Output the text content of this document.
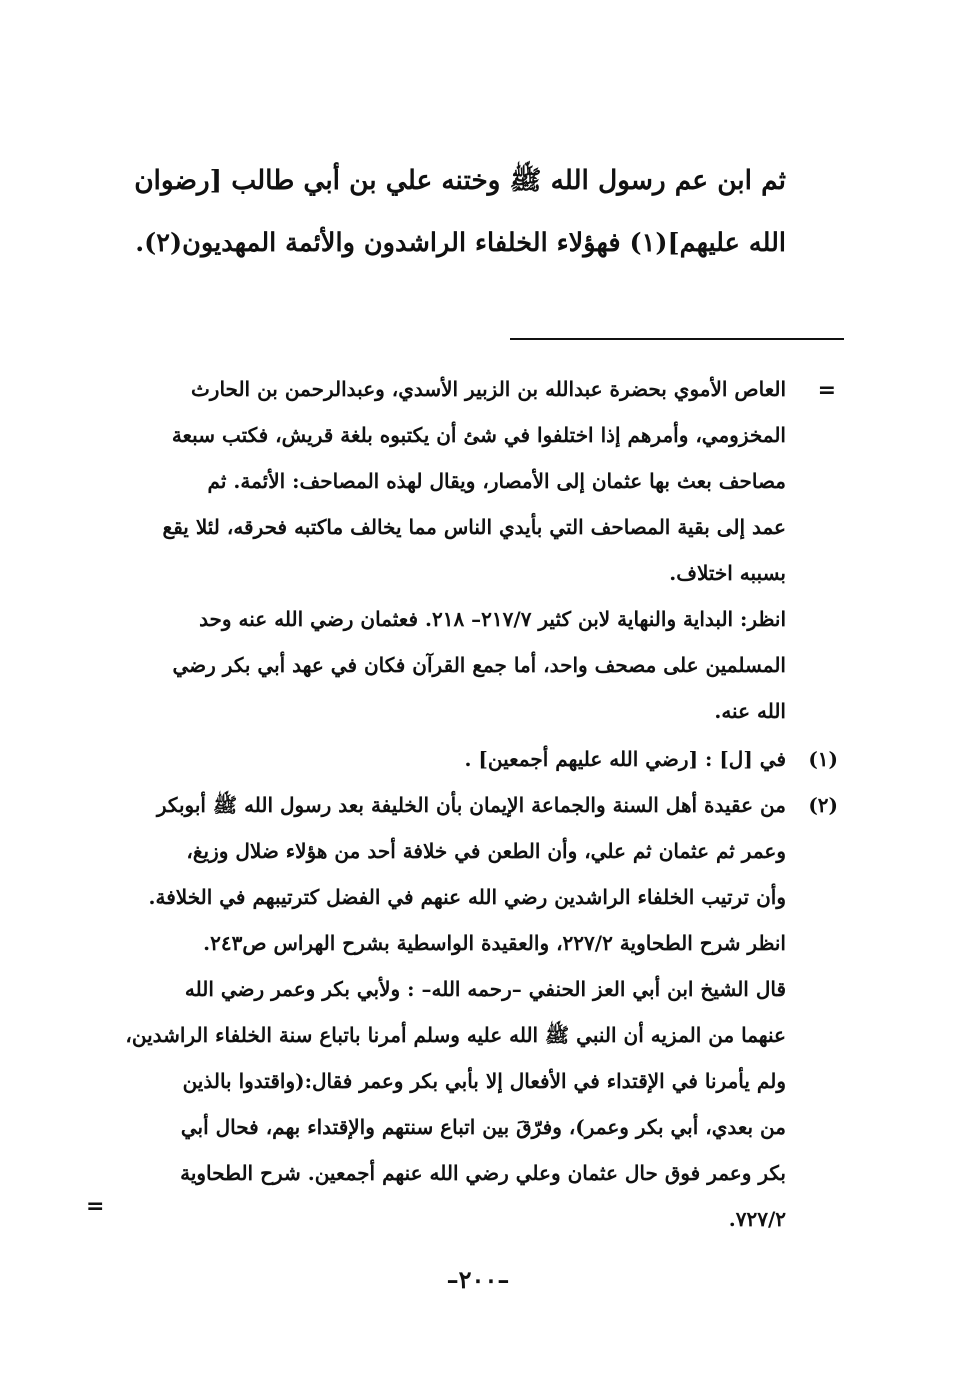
ثم ابن عم رسول الله ﷺ وختنه علي بن أبي طالب [رضوان
الله عليهم](١) فهؤلاء الخلفاء الراشدون والأئمة المهديون(٢).
=
العاص الأموي بحضرة عبدالله بن الزبير الأسدي، وعبدالرحمن بن الحارث
المخزومي، وأمرهم إذا اختلفوا في شئ أن يكتبوه بلغة قريش، فكتب سبعة
مصاحف بعث بها عثمان إلى الأمصار، ويقال لهذه المصاحف: الأئمة. ثم
عمد إلى بقية المصاحف التي بأيدي الناس مما يخالف ماكتبه فحرقه، لئلا يقع
بسببه اختلاف.
انظر: البداية والنهاية لابن كثير ٢١٧/٧– ٢١٨. فعثمان رضي الله عنه وحد
المسلمين على مصحف واحد، أما جمع القرآن فكان في عهد أبي بكر رضي
الله عنه.
(١)
في [ل] : [رضي الله عليهم أجمعين] .
(٢)
من عقيدة أهل السنة والجماعة الإيمان بأن الخليفة بعد رسول الله ﷺ أبوبكر
وعمر ثم عثمان ثم علي، وأن الطعن في خلافة أحد من هؤلاء ضلال وزيغ،
وأن ترتيب الخلفاء الراشدين رضي الله عنهم في الفضل كترتيبهم في الخلافة.
انظر شرح الطحاوية ٢٢٧/٢، والعقيدة الواسطية بشرح الهراس ص٢٤٣.
قال الشيخ ابن أبي العز الحنفي –رحمه الله– : ولأبي بكر وعمر رضي الله
عنهما من المزيه أن النبي ﷺ الله عليه وسلم أمرنا باتباع سنة الخلفاء الراشدين،
ولم يأمرنا في الإقتداء في الأفعال إلا بأبي بكر وعمر فقال:(واقتدوا بالذين
من بعدي، أبي بكر وعمر)، وفرّقَ بين اتباع سنتهم والإقتداء بهم، فحال أبي
بكر وعمر فوق حال عثمان وعلي رضي الله عنهم أجمعين. شرح الطحاوية
٧٢٧/٢.
=
–٢٠٠–
